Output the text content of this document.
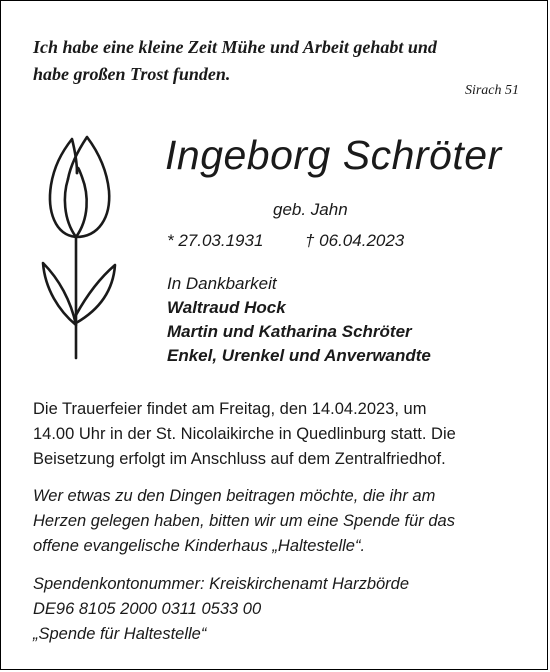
Ich habe eine kleine Zeit Mühe und Arbeit gehabt und
habe großen Trost funden.

Sirach 51

Ingeborg Schröter

geb. Jahn

* 27.03.1931 † 06.04.2023
In Dankbarkeit
Waltraud Hock
Martin und Katharina Schröter
Enkel, Urenkel und Anverwandte
Die Trauerfeier findet am Freitag, den 14.04.2023, um
14.00 Uhr in der St. Nicolaikirche in Quedlinburg statt. Die
Beisetzung erfolgt im Anschluss auf dem Zentralfriedhof.
Wer etwas zu den Dingen beitragen möchte, die ihr am
Herzen gelegen haben, bitten wir um eine Spende für das
offene evangelische Kinderhaus „Haltestelle“.
Spendenkontonummer: Kreiskirchenamt Harzbörde
DE96 8105 2000 0311 0533 00
„Spende für Haltestelle“
